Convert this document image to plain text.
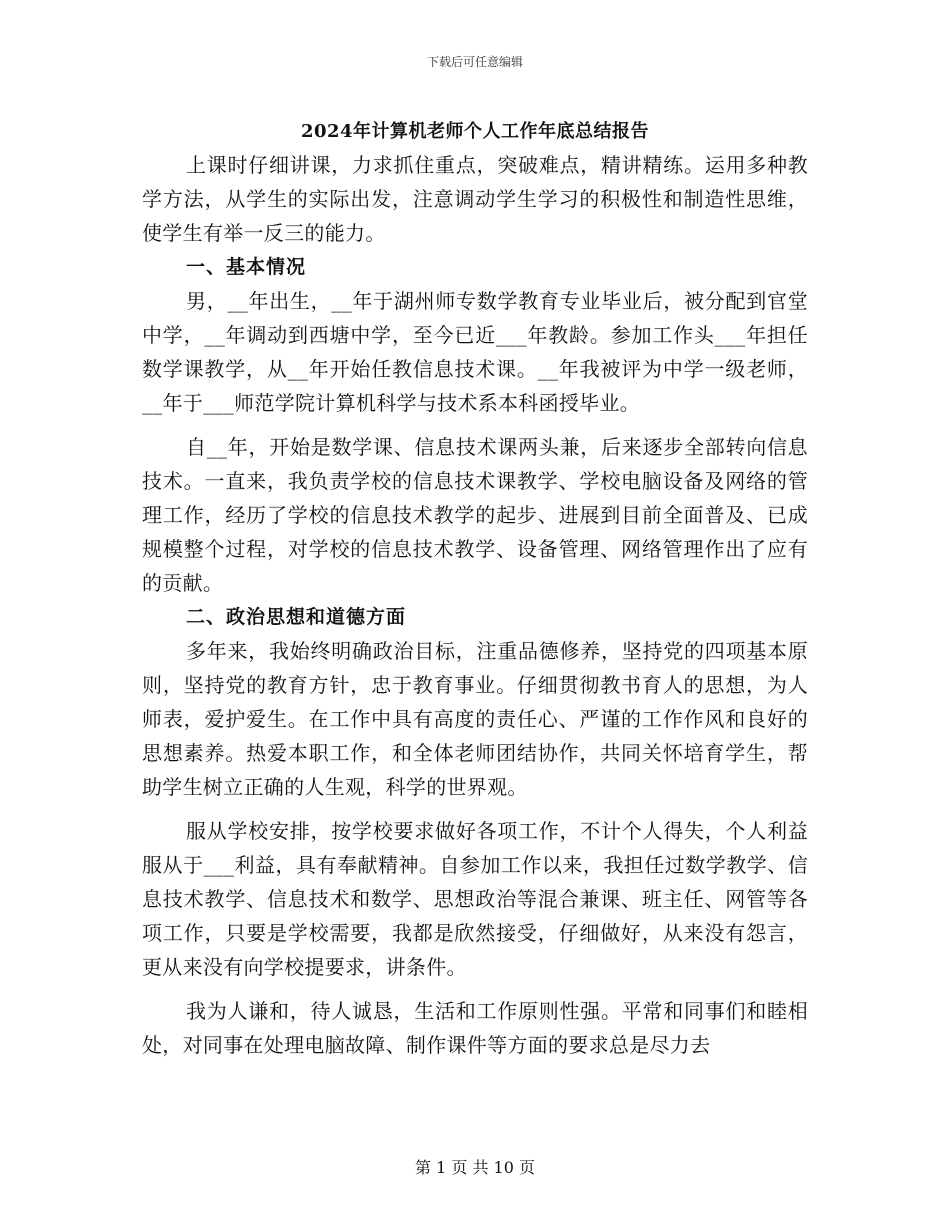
下载后可任意编辑
2024年计算机老师个人工作年底总结报告

上课时仔细讲课，力求抓住重点，突破难点，精讲精练。运用多种教学方法，从学生的实际出发，注意调动学生学习的积极性和制造性思维，使学生有举一反三的能力。

一、基本情况

男，__年出生，__年于湖州师专数学教育专业毕业后，被分配到官堂中学，__年调动到西塘中学，至今已近___年教龄。参加工作头___年担任数学课教学，从__年开始任教信息技术课。__年我被评为中学一级老师，__年于___师范学院计算机科学与技术系本科函授毕业。

自__年，开始是数学课、信息技术课两头兼，后来逐步全部转向信息技术。一直来，我负责学校的信息技术课教学、学校电脑设备及网络的管理工作，经历了学校的信息技术教学的起步、进展到目前全面普及、已成规模整个过程，对学校的信息技术教学、设备管理、网络管理作出了应有的贡献。

二、政治思想和道德方面

多年来，我始终明确政治目标，注重品德修养，坚持党的四项基本原则，坚持党的教育方针，忠于教育事业。仔细贯彻教书育人的思想，为人师表，爱护爱生。在工作中具有高度的责任心、严谨的工作作风和良好的思想素养。热爱本职工作，和全体老师团结协作，共同关怀培育学生，帮助学生树立正确的人生观，科学的世界观。

服从学校安排，按学校要求做好各项工作，不计个人得失，个人利益服从于___利益，具有奉献精神。自参加工作以来，我担任过数学教学、信息技术教学、信息技术和数学、思想政治等混合兼课、班主任、网管等各项工作，只要是学校需要，我都是欣然接受，仔细做好，从来没有怨言，更从来没有向学校提要求，讲条件。

我为人谦和，待人诚恳，生活和工作原则性强。平常和同事们和睦相处，对同事在处理电脑故障、制作课件等方面的要求总是尽力去

第 1 页 共 10 页
